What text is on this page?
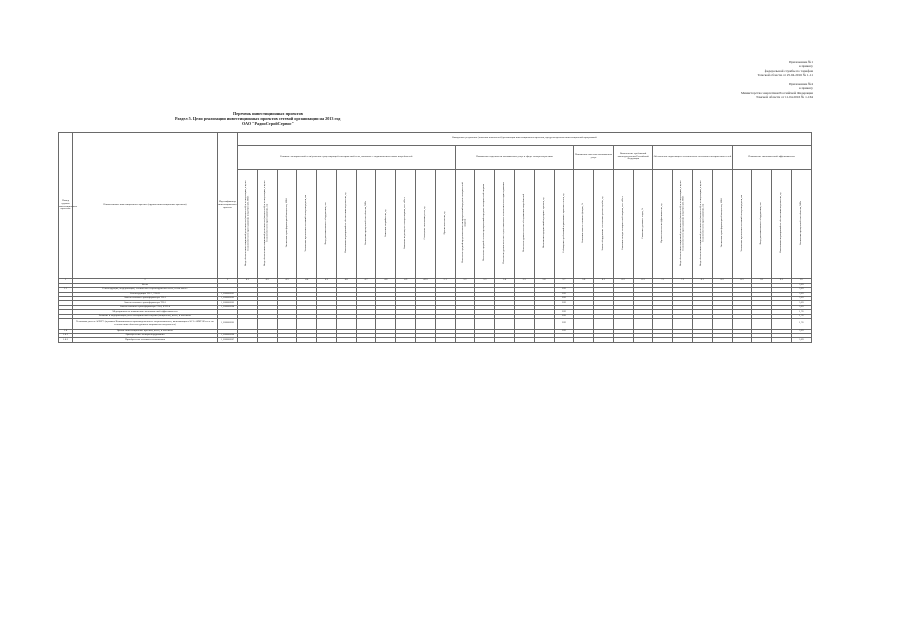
Приложение №1
к приказу
федеральной службы по тарифам
Томской области от 25.04.2016 № 1-11
Приложение №4
к приказу
Министерства энергетики Российской Федерации
Томской области от 11.04.2016 № 1-164
Перечень инвестиционных проектов
Раздел 5. Цели реализации инвестиционных проектов сетевой организации на 2013 год
ОАО "РадиоСтройСервис"
Номер группы инвестиционных проектов	Наименование инвестиционного проекта (группы инвестиционных проектов)	Идентификатор инвестиционного проекта	Ожидаемые результаты (значения показателей) реализации инвестиционных проектов, предусмотренных инвестиционной программой																												
			Развитие электрической сети/усиление существующей электрической сети, связанное с подключением новых потребителей											Повышение надежности оказываемых услуг в сфере электроэнергетики						Повышение качества оказываемых услуг		Выполнение требований законодательства Российской Федерации		Обеспечение надлежащего технического состояния электрических сетей				Повышение экономической эффективности			
			Ввод объектов инвестиционной деятельности (мощностей) в эксплуатацию, в целях технологического присоединения потребителей, МВА	Ввод объектов инвестиционной деятельности (мощностей) в эксплуатацию, в целях технологического присоединения, км	Увеличение трансформаторной мощности, МВА	Увеличение протяженности линий электропередачи, км	Ввод дополнительного оборудования, шт.	Выполнение мероприятий по обеспечению надежности, ед.	Увеличение пропускной способности, МВт	Снижение аварийности, ед.	Снижение недоотпуска электроэнергии, тыс. кВт·ч	Оснащение системами учета, ед.	Прочие показатели, ед.	Показатель средней продолжительности прекращений передачи электрической энергии	Показатель средней частоты прекращений передачи электрической энергии	Показатель уровня качества осуществляемого технологического присоединения	Показатель уровня качества обслуживания потребителей	Выполнение предписаний надзорных органов, ед.	Соблюдение требований нормативных правовых актов, ед.	Снижение износа основных фондов, %	Замена оборудования с истекшим сроком службы, ед.	Снижение потерь электрической энергии, тыс. кВт·ч	Снижение удельных затрат, %	Прочие показатели эффективности, ед.	Ввод объектов инвестиционной деятельности (мощностей) в эксплуатацию, в целях технологического присоединения потребителей, МВА	Ввод объектов инвестиционной деятельности (мощностей) в эксплуатацию, в целях технологического присоединения, км	Увеличение трансформаторной мощности, МВА	Увеличение протяженности линий электропередачи, км	Ввод дополнительного оборудования, шт.	Выполнение мероприятий по обеспечению надежности, ед.	Увеличение пропускной способности, МВт
1	2	3	4.1	4.2	4.3	4.4	4.5	4.6	4.7	4.8	4.9	4.10	5.1	5.2	5.3	5.4	5.5	5.6	5.7	5.8	6.1	6.2	6.3	7.1	7.2	8.1	8.2	8.3	9.1	9.2	10
	Всего																														5,09
1.1	Реконструкция, модернизация, техническое перевооружение всего, в том числе:																		209												5,09
	Реконструкция ТП-7, ТП-29	1_0000000001																	209												5,09
	Замена силового трансформатора ТП-1	1_0000000002																	209												5,09
	Замена силового трансформатора ТП-3	1_0000000003																	209												5,09
	Замена силового трансформатора ТП-4, КТП-4	1_0000000004																													5,09
	Мероприятия по повышению экономической эффективности																		209												1,76
	Развитие и модернизация учета электрической энергии (мощности), всего, в том числе																		209												1,76
	Установка учета в АСКУЭ (в рамках Колпашевского производственного энергокомплекса, включающих в 50 % АИИ ЭК и т.ч. по техническим объектам уровнем напряжения отпускается)	1_0000000005																	209												1,76
1.6	Прочие инвестиционные проекты, всего, в том числе																		209												5,09
1.6.1	Приобретение электрооборудования	1_0000000006																													
1.6.2	Приобретение техники и механизмов	1_0000000007																													5,09
